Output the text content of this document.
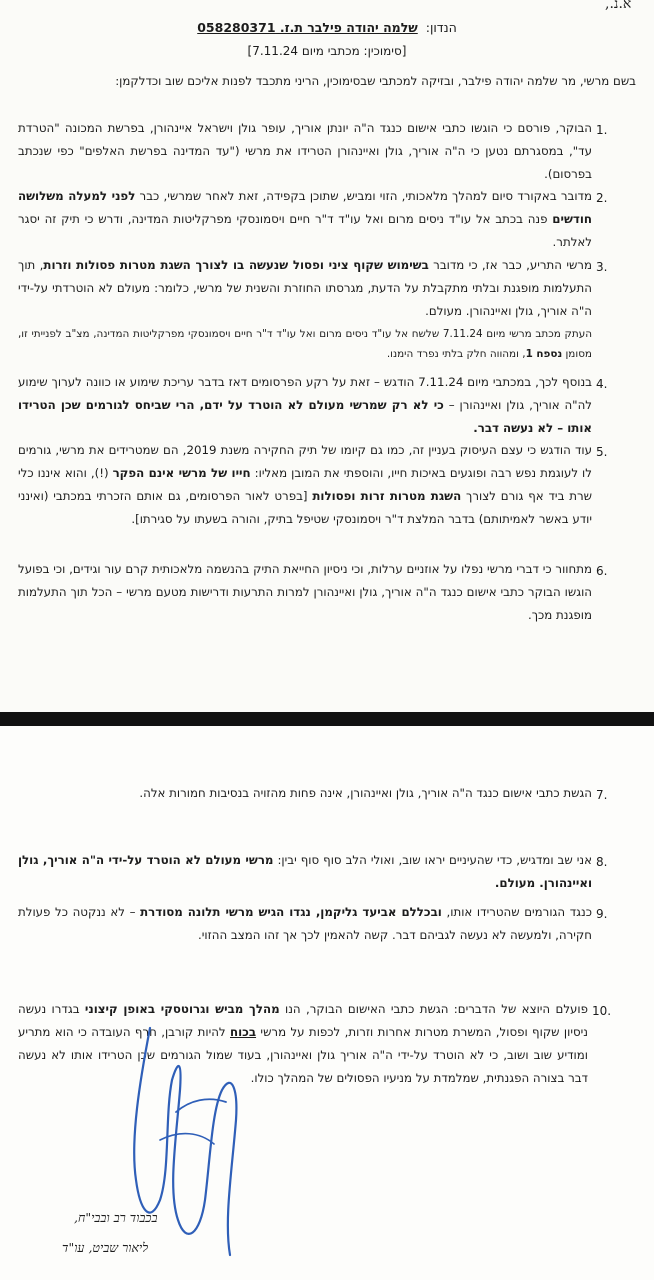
א.נ.,
הנדון: שלמה יהודה פילבר ת.ז. 058280371
[סימוכין: מכתבי מיום 7.11.24]
בשם מרשי, מר שלמה יהודה פילבר, ובזיקה למכתבי שבסימוכין, הריני מתכבד לפנות אליכם שוב וכדלקמן:
1.
הבוקר, פורסם כי הוגשו כתבי אישום כנגד ה"ה יונתן אוריך, עופר גולן וישראל איינהורן, בפרשת המכונה "הטרדת עד", במסגרתם נטען כי ה"ה אוריך, גולן ואיינהורן הטרידו את מרשי ("עד המדינה בפרשת האלפים" כפי שנכתב בפרסום).
2.
מדובר באקורד סיום למהלך מלאכותי, הזוי ומביש, שתוכן בקפידה, זאת לאחר שמרשי, כבר לפני למעלה משלושה חודשים פנה בכתב אל עו"ד ניסים מרום ואל עו"ד ד"ר חיים ויסמונסקי מפרקליטות המדינה, ודרש כי תיק זה יסגר לאלתר.
3.
מרשי התריע, כבר אז, כי מדובר בשימוש שקוף ציני ופסול שנעשה בו לצורך השגת מטרות פסולות וזרות, תוך התעלמות מופגנת ובלתי מתקבלת על הדעת, מגרסתו החוזרת והשנית של מרשי, כלומר: מעולם לא הוטרדתי על-ידי ה"ה אוריך, גולן ואיינהורן. מעולם.
העתק מכתב מרשי מיום 7.11.24 שלשח אל עו"ד ניסים מרום ואל עו"ד ד"ר חיים ויסמונסקי מפרקליטות המדינה, מצ"ב לפנייתי זו, מסומן נספח 1, ומהווה חלק בלתי נפרד הימנו.
4.
בנוסף לכך, במכתבי מיום 7.11.24 הודגש – זאת על רקע הפרסומים דאז בדבר עריכת שימוע או כוונה לערוך שימוע לה"ה אוריך, גולן ואיינהורן – כי לא רק שמרשי מעולם לא הוטרד על ידם, הרי שביחס לגורמים שכן הטרידו אותו – לא נעשה דבר.
5.
עוד הודגש כי עצם העיסוק בעניין זה, כמו גם קיומו של תיק החקירה משנת 2019, הם שמטרידים את מרשי, גורמים לו לעוגמת נפש רבה ופוגעים באיכות חייו, והוספתי את המובן מאליו: חייו של מרשי אינם הפקר (!), והוא איננו כלי שרת ביד אף גורם לצורך השגת מטרות זרות ופסולות [בפרט לאור הפרסומים, גם אותם הזכרתי במכתבי (ואינני יודע באשר לאמיתותם) בדבר המלצת ד"ר ויסמונסקי שטיפל בתיק, והורה בשעתו על סגירתו].
6.
מתחוור כי דברי מרשי נפלו על אוזניים ערלות, וכי ניסיון החייאת התיק בהנשמה מלאכותית קרם עור וגידים, וכי בפועל הוגשו הבוקר כתבי אישום כנגד ה"ה אוריך, גולן ואיינהורן למרות התרעות ודרישות מטעם מרשי – הכל תוך התעלמות מופגנת מכך.
7.
הגשת כתבי אישום כנגד ה"ה אוריך, גולן ואיינהורן, אינה פחות מהזויה בנסיבות חמורות אלה.
8.
אני שב ומדגיש, כדי שהעיניים יראו שוב, ואולי הלב סוף סוף יבין: מרשי מעולם לא הוטרד על-ידי ה"ה אוריך, גולן ואיינהורן. מעולם.
9.
כנגד הגורמים שהטרידו אותו, ובכללם אביעד גליקמן, נגדו הגיש מרשי תלונה מסודרת – לא ננקטה כל פעולת חקירה, ולמעשה לא נעשה לגביהם דבר. קשה להאמין לכך אך זהו המצב ההזוי.
10.
פועלם היוצא של הדברים: הגשת כתבי האישום הבוקר, הנו מהלך מביש וגרוטסקי באופן קיצוני בגדרו נעשה ניסיון שקוף ופסול, המשרת מטרות אחרות וזרות, לכפות על מרשי בכוח להיות קורבן, חרף העובדה כי הוא מתריע ומודיע שוב ושוב, כי לא הוטרד על-ידי ה"ה אוריך גולן ואיינהורן, בעוד שמול הגורמים שכן הטרידו אותו לא נעשה דבר בצורה הפגנתית, שמלמדת על מניעיו הפסולים של המהלך כולו.
בכבוד רב ובבי"ח,
ליאור שביט, עו"ד
